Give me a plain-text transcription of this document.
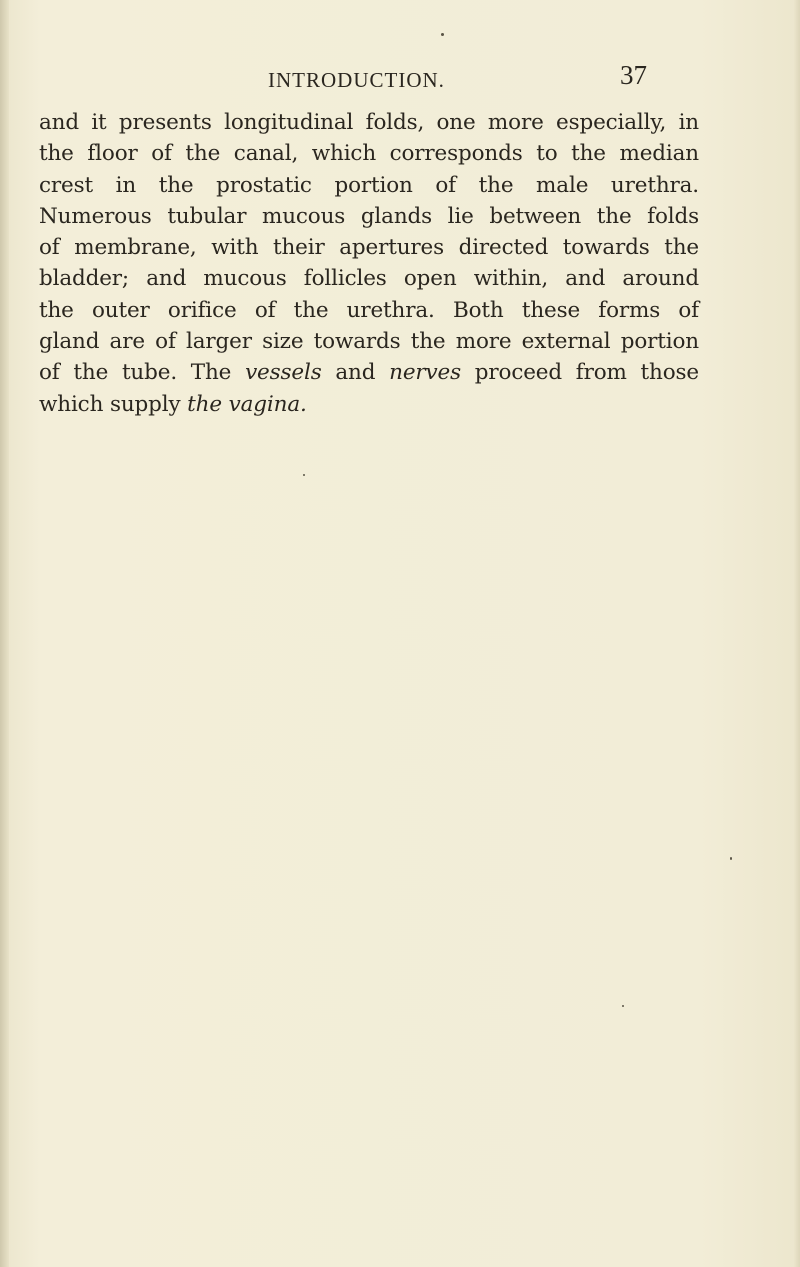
INTRODUCTION.	37
and it presents longitudinal folds, one more especially, in
the floor of the canal, which corresponds to the median
crest in the prostatic portion of the male urethra.
Numerous tubular mucous glands lie between the folds
of membrane, with their apertures directed towards the
bladder; and mucous follicles open within, and around
the outer orifice of the urethra. Both these forms of
gland are of larger size towards the more external portion
of the tube. The vessels and nerves proceed from those
which supply the vagina.
